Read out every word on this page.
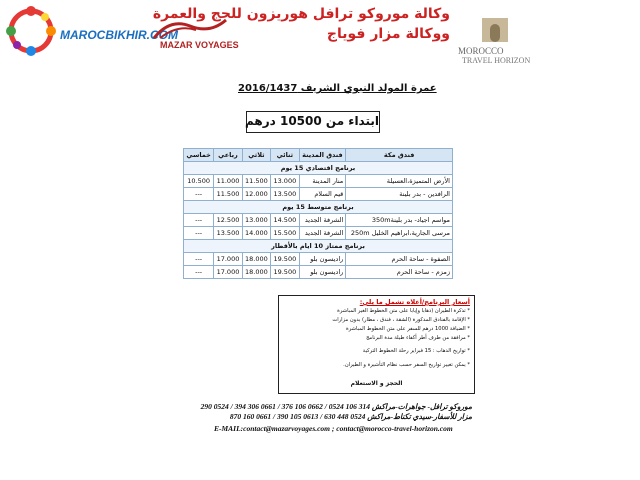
MAROCBIKHIR.COM
MAZAR VOYAGES
وكالة موروكو ترافل هوريزون للحج والعمرة
ووكالة مزار فوياج
MOROCCO
TRAVEL HORIZON
عمرة المولد النبوي الشريف 2016/1437
ابتداء من 10500 درهم
فندق مكة	فندق المدينة	ثنائي	ثلاثي	رباعي	خماسي
برنامج اقتصادي 15 يوم					
الأرض المتميزة،العسيلة	منار المدينة	13.000	11.500	11.000	10.500
الرافدين - بدر بلينة	قيم السلام	13.500	12.000	11.500	---
برنامج متوسط 15 يوم					
مواسم اجياد- بدر بلينة350m	الشرفة الجديد	14.500	13.000	12.500	---
مرسى الجارية،ابراهيم الخليل 250m	الشرفة الجديد	15.500	14.000	13.500	---
برنامج ممتاز 10 ايام بالأقطار					
الصفوة - ساحة الحرم	راديسون بلو	19.500	18.000	17.000	---
زمزم - ساحة الحرم	راديسون بلو	19.500	18.000	17.000	---
أسعار البرنامج/أعلاه تشمل ما يلي:
* تذكرة الطيران (ذهابا وإيابا على متن الخطوط الغير المباشرة
* الإقامة بالفنادق المذكورة (الشقة ، فندق ، مطار) بدون مزارات
* الضيافة 1000 درهم للسفر على متن الخطوط المباشرة
* مرافقة من طرف أطر أكفاء طيلة مدة البرنامج
* تواريخ الذهاب : 15 فبراير رحلة الخطوط التركية
* يمكن تغيير تواريخ السفر حسب نظام التأشيرة و الطيران.
الحجز و الاستعلام
موروكو ترافل- جواهرات-مراكش 314 106 0524 / 0662 106 376 / 0661 306 394 / 0524 290
مزار للأسفار-سيدي تكناط-مراكش 0524 448 630 / 0613 105 390 / 0661 160 870
E-MAIL:contact@mazarvoyages.com ; contact@morocco-travel-horizon.com
